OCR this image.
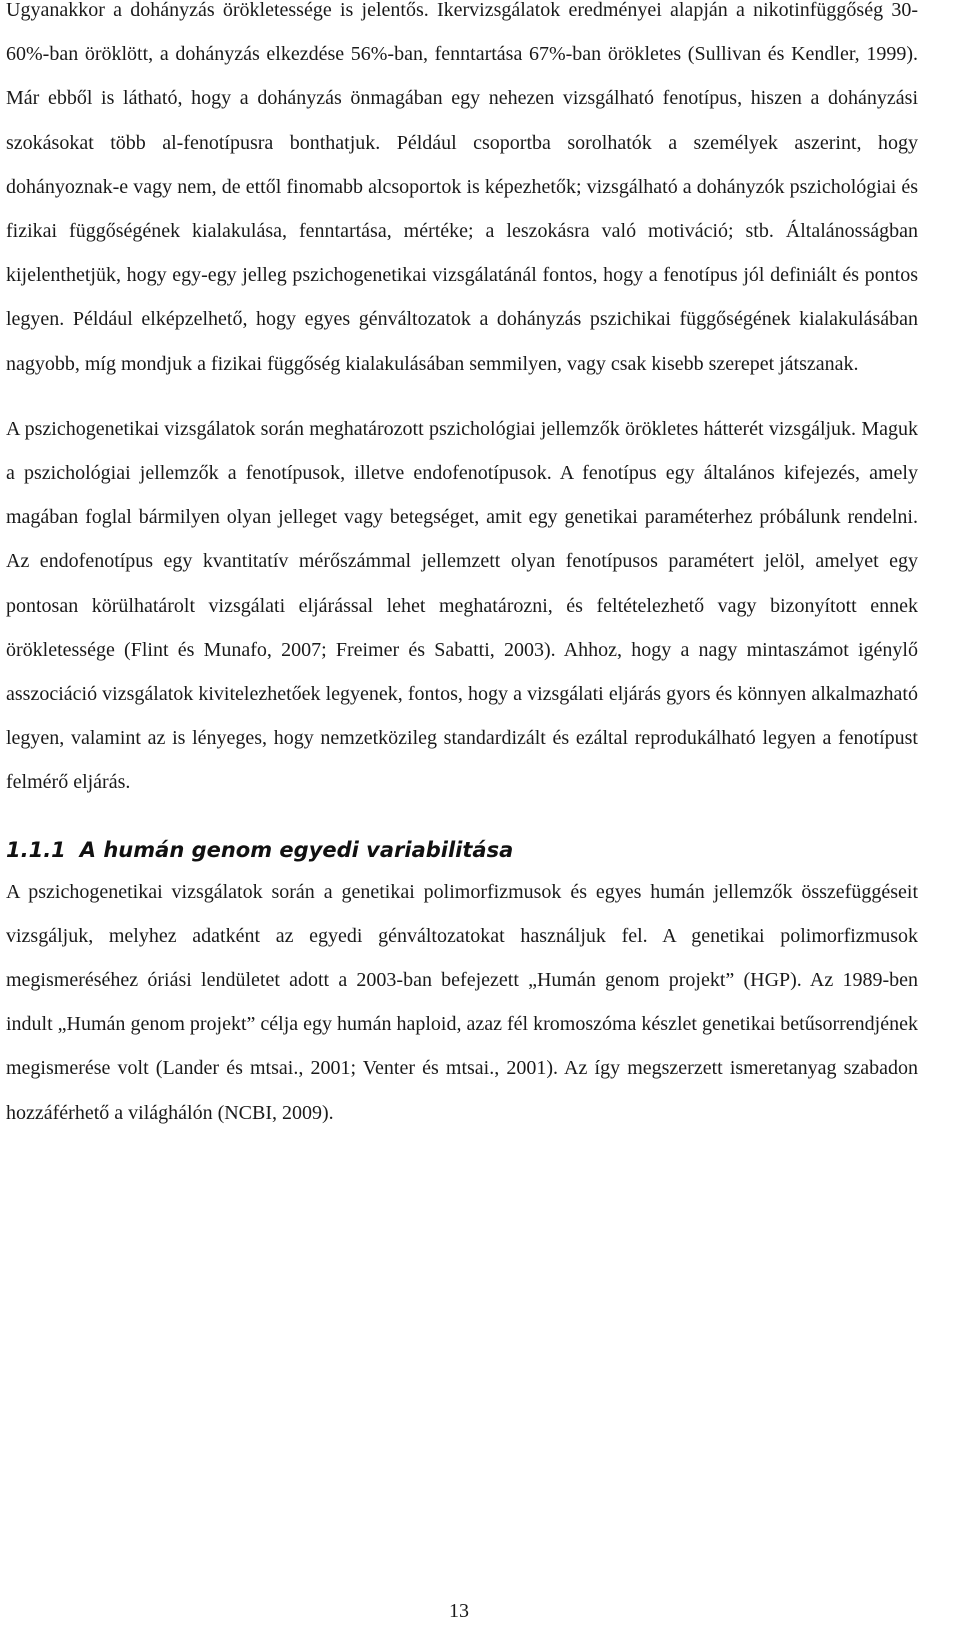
Ugyanakkor a dohányzás örökletessége is jelentős. Ikervizsgálatok eredményei alapján a nikotinfüggőség 30-60%-ban öröklött, a dohányzás elkezdése 56%-ban, fenntartása 67%-ban örökletes (Sullivan és Kendler, 1999). Már ebből is látható, hogy a dohányzás önmagában egy nehezen vizsgálható fenotípus, hiszen a dohányzási szokásokat több al-fenotípusra bonthatjuk. Például csoportba sorolhatók a személyek aszerint, hogy dohányoznak-e vagy nem, de ettől finomabb alcsoportok is képezhetők; vizsgálható a dohányzók pszichológiai és fizikai függőségének kialakulása, fenntartása, mértéke; a leszokásra való motiváció; stb. Általánosságban kijelenthetjük, hogy egy-egy jelleg pszichogenetikai vizsgálatánál fontos, hogy a fenotípus jól definiált és pontos legyen. Például elképzelhető, hogy egyes génváltozatok a dohányzás pszichikai függőségének kialakulásában nagyobb, míg mondjuk a fizikai függőség kialakulásában semmilyen, vagy csak kisebb szerepet játszanak.

A pszichogenetikai vizsgálatok során meghatározott pszichológiai jellemzők örökletes hátterét vizsgáljuk. Maguk a pszichológiai jellemzők a fenotípusok, illetve endofenotípusok. A fenotípus egy általános kifejezés, amely magában foglal bármilyen olyan jelleget vagy betegséget, amit egy genetikai paraméterhez próbálunk rendelni. Az endofenotípus egy kvantitatív mérőszámmal jellemzett olyan fenotípusos paramétert jelöl, amelyet egy pontosan körülhatárolt vizsgálati eljárással lehet meghatározni, és feltételezhető vagy bizonyított ennek örökletessége (Flint és Munafo, 2007; Freimer és Sabatti, 2003). Ahhoz, hogy a nagy mintaszámot igénylő asszociáció vizsgálatok kivitelezhetőek legyenek, fontos, hogy a vizsgálati eljárás gyors és könnyen alkalmazható legyen, valamint az is lényeges, hogy nemzetközileg standardizált és ezáltal reprodukálható legyen a fenotípust felmérő eljárás.

1.1.1 A humán genom egyedi variabilitása

A pszichogenetikai vizsgálatok során a genetikai polimorfizmusok és egyes humán jellemzők összefüggéseit vizsgáljuk, melyhez adatként az egyedi génváltozatokat használjuk fel. A genetikai polimorfizmusok megismeréséhez óriási lendületet adott a 2003-ban befejezett „Humán genom projekt” (HGP). Az 1989-ben indult „Humán genom projekt” célja egy humán haploid, azaz fél kromoszóma készlet genetikai betűsorrendjének megismerése volt (Lander és mtsai., 2001; Venter és mtsai., 2001). Az így megszerzett ismeretanyag szabadon hozzáférhető a világhálón (NCBI, 2009).

13
